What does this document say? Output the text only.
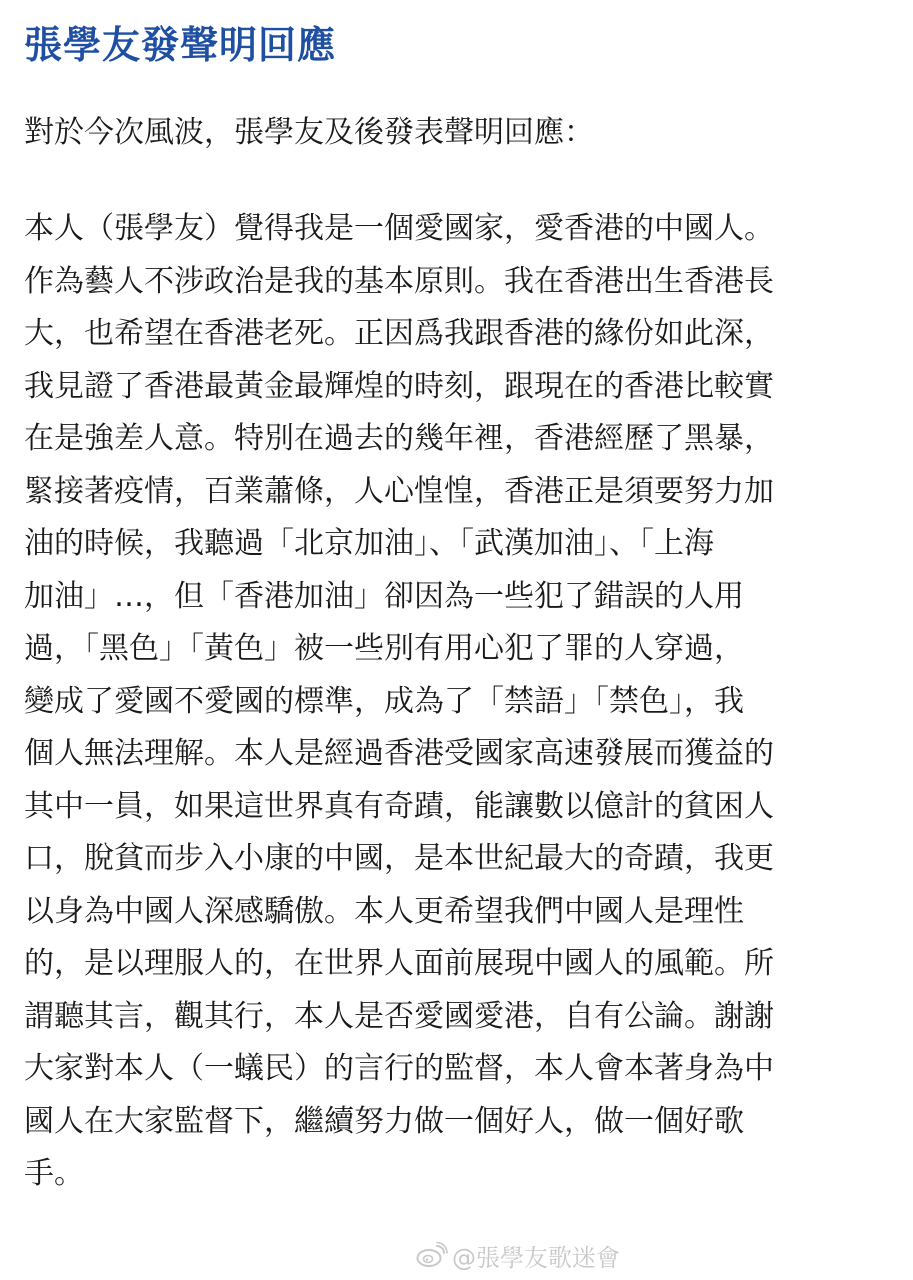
張學友發聲明回應

對於今次風波，張學友及後發表聲明回應：

本人（張學友）覺得我是一個愛國家，愛香港的中國人。
作為藝人不涉政治是我的基本原則。我在香港出生香港長
大，也希望在香港老死。正因爲我跟香港的緣份如此深，
我見證了香港最黃金最輝煌的時刻，跟現在的香港比較實
在是強差人意。特別在過去的幾年裡，香港經歷了黑暴，
緊接著疫情，百業蕭條，人心惶惶，香港正是須要努力加
油的時候，我聽過「北京加油」、「武漢加油」、「上海
加油」…，但「香港加油」卻因為一些犯了錯誤的人用
過，「黑色」「黃色」被一些別有用心犯了罪的人穿過，
變成了愛國不愛國的標準，成為了「禁語」「禁色」，我
個人無法理解。本人是經過香港受國家高速發展而獲益的
其中一員，如果這世界真有奇蹟，能讓數以億計的貧困人
口，脫貧而步入小康的中國，是本世紀最大的奇蹟，我更
以身為中國人深感驕傲。本人更希望我們中國人是理性
的，是以理服人的，在世界人面前展現中國人的風範。所
謂聽其言，觀其行，本人是否愛國愛港，自有公論。謝謝
大家對本人（一蟻民）的言行的監督，本人會本著身為中
國人在大家監督下，繼續努力做一個好人，做一個好歌
手。
@張學友歌迷會
